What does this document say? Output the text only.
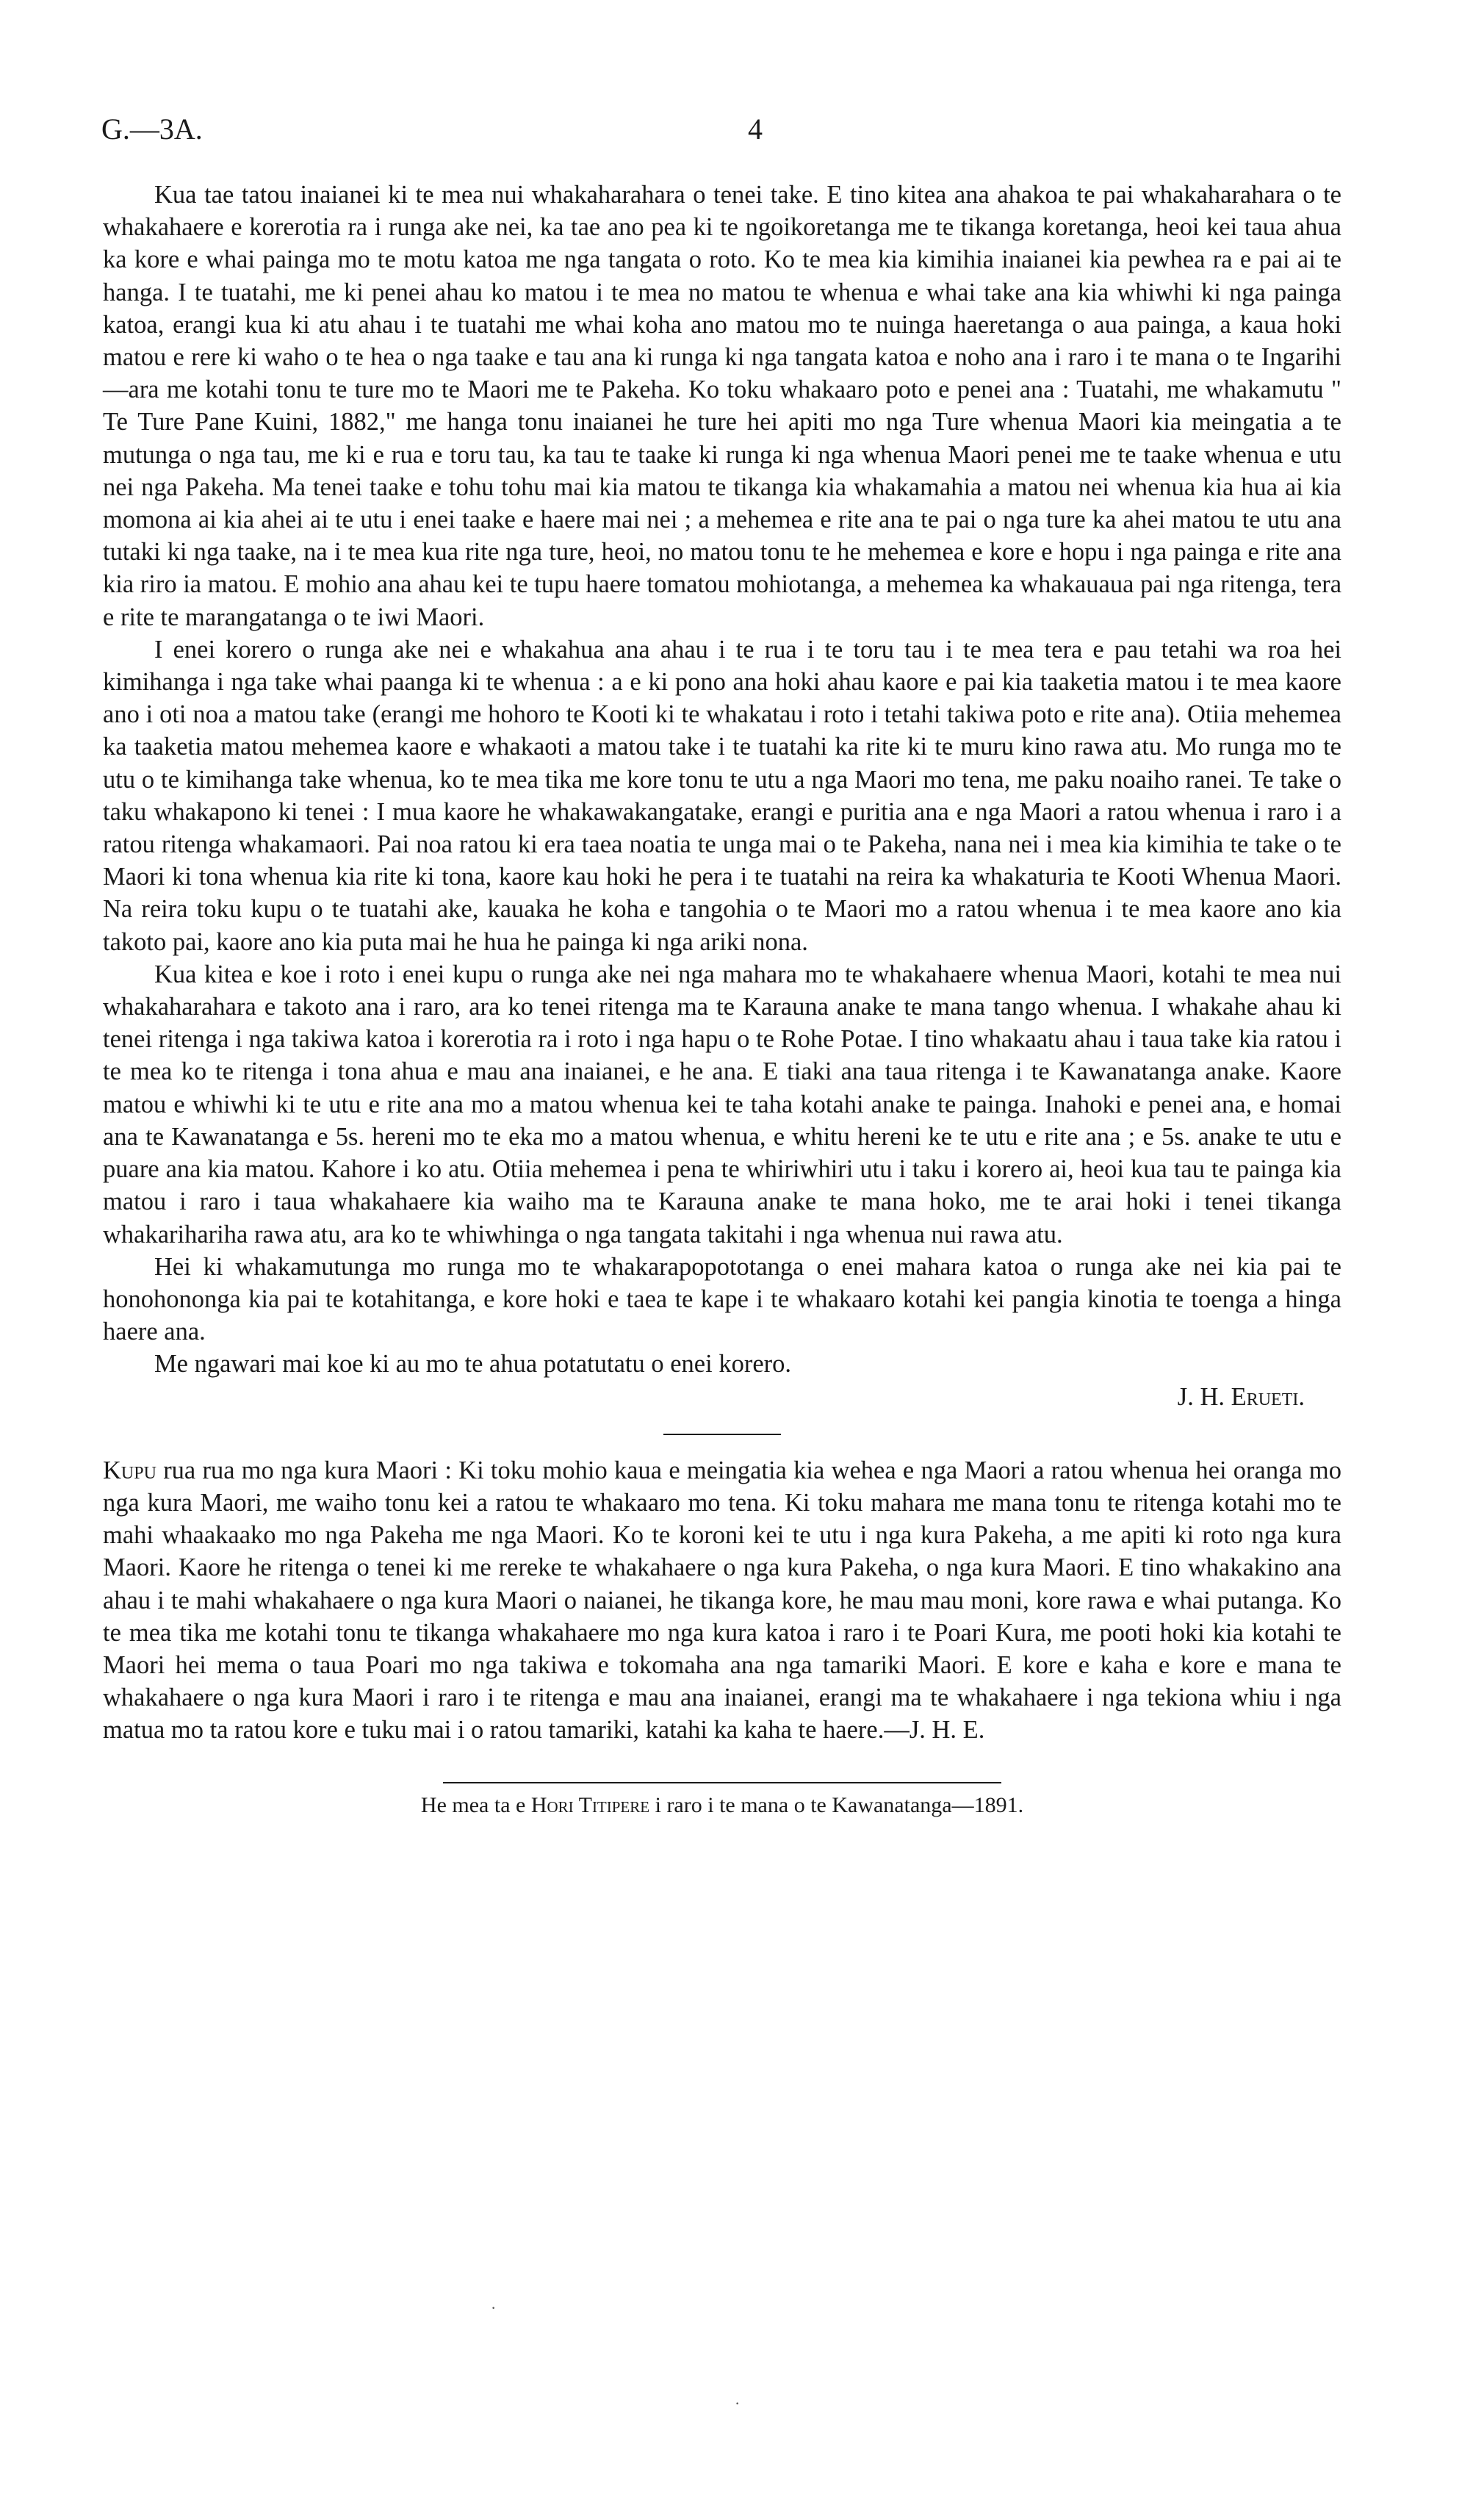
G.—3A.	4

Kua tae tatou inaianei ki te mea nui whakaharahara o tenei take. E tino kitea ana ahakoa te pai whakaharahara o te whakahaere e korerotia ra i runga ake nei, ka tae ano pea ki te ngoikoretanga me te tikanga koretanga, heoi kei taua ahua ka kore e whai painga mo te motu katoa me nga tangata o roto. Ko te mea kia kimihia inaianei kia pewhea ra e pai ai te hanga. I te tuatahi, me ki penei ahau ko matou i te mea no matou te whenua e whai take ana kia whiwhi ki nga painga katoa, erangi kua ki atu ahau i te tuatahi me whai koha ano matou mo te nuinga haeretanga o aua painga, a kaua hoki matou e rere ki waho o te hea o nga taake e tau ana ki runga ki nga tangata katoa e noho ana i raro i te mana o te Ingarihi—ara me kotahi tonu te ture mo te Maori me te Pakeha. Ko toku whakaaro poto e penei ana : Tuatahi, me whakamutu " Te Ture Pane Kuini, 1882," me hanga tonu inaianei he ture hei apiti mo nga Ture whenua Maori kia meingatia a te mutunga o nga tau, me ki e rua e toru tau, ka tau te taake ki runga ki nga whenua Maori penei me te taake whenua e utu nei nga Pakeha. Ma tenei taake e tohu tohu mai kia matou te tikanga kia whakamahia a matou nei whenua kia hua ai kia momona ai kia ahei ai te utu i enei taake e haere mai nei ; a mehemea e rite ana te pai o nga ture ka ahei matou te utu ana tutaki ki nga taake, na i te mea kua rite nga ture, heoi, no matou tonu te he mehemea e kore e hopu i nga painga e rite ana kia riro ia matou. E mohio ana ahau kei te tupu haere tomatou mohiotanga, a mehemea ka whakauaua pai nga ritenga, tera e rite te marangatanga o te iwi Maori.

I enei korero o runga ake nei e whakahua ana ahau i te rua i te toru tau i te mea tera e pau tetahi wa roa hei kimihanga i nga take whai paanga ki te whenua : a e ki pono ana hoki ahau kaore e pai kia taaketia matou i te mea kaore ano i oti noa a matou take (erangi me hohoro te Kooti ki te whakatau i roto i tetahi takiwa poto e rite ana). Otiia mehemea ka taaketia matou mehemea kaore e whakaoti a matou take i te tuatahi ka rite ki te muru kino rawa atu. Mo runga mo te utu o te kimihanga take whenua, ko te mea tika me kore tonu te utu a nga Maori mo tena, me paku noaiho ranei. Te take o taku whakapono ki tenei : I mua kaore he whakawakangatake, erangi e puritia ana e nga Maori a ratou whenua i raro i a ratou ritenga whakamaori. Pai noa ratou ki era taea noatia te unga mai o te Pakeha, nana nei i mea kia kimihia te take o te Maori ki tona whenua kia rite ki tona, kaore kau hoki he pera i te tuatahi na reira ka whakaturia te Kooti Whenua Maori. Na reira toku kupu o te tuatahi ake, kauaka he koha e tangohia o te Maori mo a ratou whenua i te mea kaore ano kia takoto pai, kaore ano kia puta mai he hua he painga ki nga ariki nona.

Kua kitea e koe i roto i enei kupu o runga ake nei nga mahara mo te whakahaere whenua Maori, kotahi te mea nui whakaharahara e takoto ana i raro, ara ko tenei ritenga ma te Karauna anake te mana tango whenua. I whakahe ahau ki tenei ritenga i nga takiwa katoa i korerotia ra i roto i nga hapu o te Rohe Potae. I tino whakaatu ahau i taua take kia ratou i te mea ko te ritenga i tona ahua e mau ana inaianei, e he ana. E tiaki ana taua ritenga i te Kawanatanga anake. Kaore matou e whiwhi ki te utu e rite ana mo a matou whenua kei te taha kotahi anake te painga. Inahoki e penei ana, e homai ana te Kawanatanga e 5s. hereni mo te eka mo a matou whenua, e whitu hereni ke te utu e rite ana ; e 5s. anake te utu e puare ana kia matou. Kahore i ko atu. Otiia mehemea i pena te whiriwhiri utu i taku i korero ai, heoi kua tau te painga kia matou i raro i taua whakahaere kia waiho ma te Karauna anake te mana hoko, me te arai hoki i tenei tikanga whakarihariha rawa atu, ara ko te whiwhinga o nga tangata takitahi i nga whenua nui rawa atu.

Hei ki whakamutunga mo runga mo te whakarapopototanga o enei mahara katoa o runga ake nei kia pai te honohononga kia pai te kotahitanga, e kore hoki e taea te kape i te whakaaro kotahi kei pangia kinotia te toenga a hinga haere ana.

Me ngawari mai koe ki au mo te ahua potatutatu o enei korero.

J. H. Erueti.

Kupu rua rua mo nga kura Maori : Ki toku mohio kaua e meingatia kia wehea e nga Maori a ratou whenua hei oranga mo nga kura Maori, me waiho tonu kei a ratou te whakaaro mo tena. Ki toku mahara me mana tonu te ritenga kotahi mo te mahi whaakaako mo nga Pakeha me nga Maori. Ko te koroni kei te utu i nga kura Pakeha, a me apiti ki roto nga kura Maori. Kaore he ritenga o tenei ki me rereke te whakahaere o nga kura Pakeha, o nga kura Maori. E tino whakakino ana ahau i te mahi whakahaere o nga kura Maori o naianei, he tikanga kore, he mau mau moni, kore rawa e whai putanga. Ko te mea tika me kotahi tonu te tikanga whakahaere mo nga kura katoa i raro i te Poari Kura, me pooti hoki kia kotahi te Maori hei mema o taua Poari mo nga takiwa e tokomaha ana nga tamariki Maori. E kore e kaha e kore e mana te whakahaere o nga kura Maori i raro i te ritenga e mau ana inaianei, erangi ma te whakahaere i nga tekiona whiu i nga matua mo ta ratou kore e tuku mai i o ratou tamariki, katahi ka kaha te haere.—J. H. E.

He mea ta e Hori Titipere i raro i te mana o te Kawanatanga—1891.
·
·
